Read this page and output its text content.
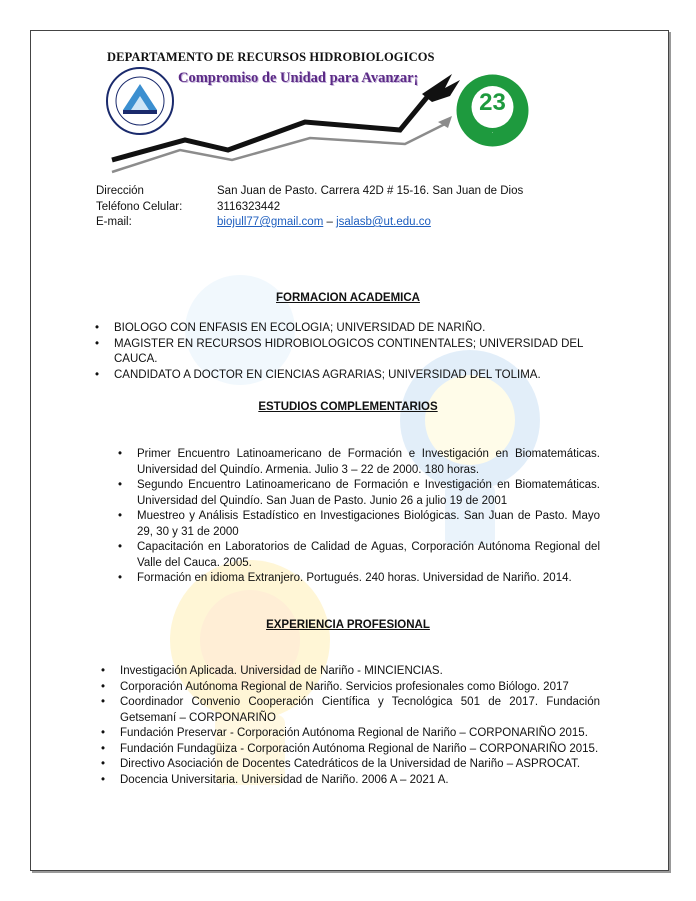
DEPARTAMENTO DE RECURSOS HIDROBIOLOGICOS
Compromiso de Unidad para Avanzar¡
·
23
Dirección	San Juan de Pasto. Carrera 42D # 15-16. San Juan de Dios
Teléfono Celular:	3116323442
E-mail:	biojull77@gmail.com – jsalasb@ut.edu.co
FORMACION ACADEMICA
• BIOLOGO CON ENFASIS EN ECOLOGIA; UNIVERSIDAD DE NARIÑO.
• MAGISTER EN RECURSOS HIDROBIOLOGICOS CONTINENTALES; UNIVERSIDAD DEL CAUCA.
• CANDIDATO A DOCTOR EN CIENCIAS AGRARIAS; UNIVERSIDAD DEL TOLIMA.
ESTUDIOS COMPLEMENTARIOS
• Primer Encuentro Latinoamericano de Formación e Investigación en Biomatemáticas. Universidad del Quindío. Armenia. Julio 3 – 22 de 2000. 180 horas.
• Segundo Encuentro Latinoamericano de Formación e Investigación en Biomatemáticas. Universidad del Quindío. San Juan de Pasto. Junio 26 a julio 19 de 2001
• Muestreo y Análisis Estadístico en Investigaciones Biológicas. San Juan de Pasto. Mayo 29, 30 y 31 de 2000
• Capacitación en Laboratorios de Calidad de Aguas, Corporación Autónoma Regional del Valle del Cauca. 2005.
• Formación en idioma Extranjero. Portugués. 240 horas. Universidad de Nariño. 2014.
EXPERIENCIA PROFESIONAL
• Investigación Aplicada. Universidad de Nariño - MINCIENCIAS.
• Corporación Autónoma Regional de Nariño. Servicios profesionales como Biólogo. 2017
• Coordinador Convenio Cooperación Científica y Tecnológica 501 de 2017. Fundación Getsemaní – CORPONARIÑO
• Fundación Preservar - Corporación Autónoma Regional de Nariño – CORPONARIÑO 2015.
• Fundación Fundagüiza - Corporación Autónoma Regional de Nariño – CORPONARIÑO 2015.
• Directivo Asociación de Docentes Catedráticos de la Universidad de Nariño – ASPROCAT.
• Docencia Universitaria. Universidad de Nariño. 2006 A – 2021 A.
